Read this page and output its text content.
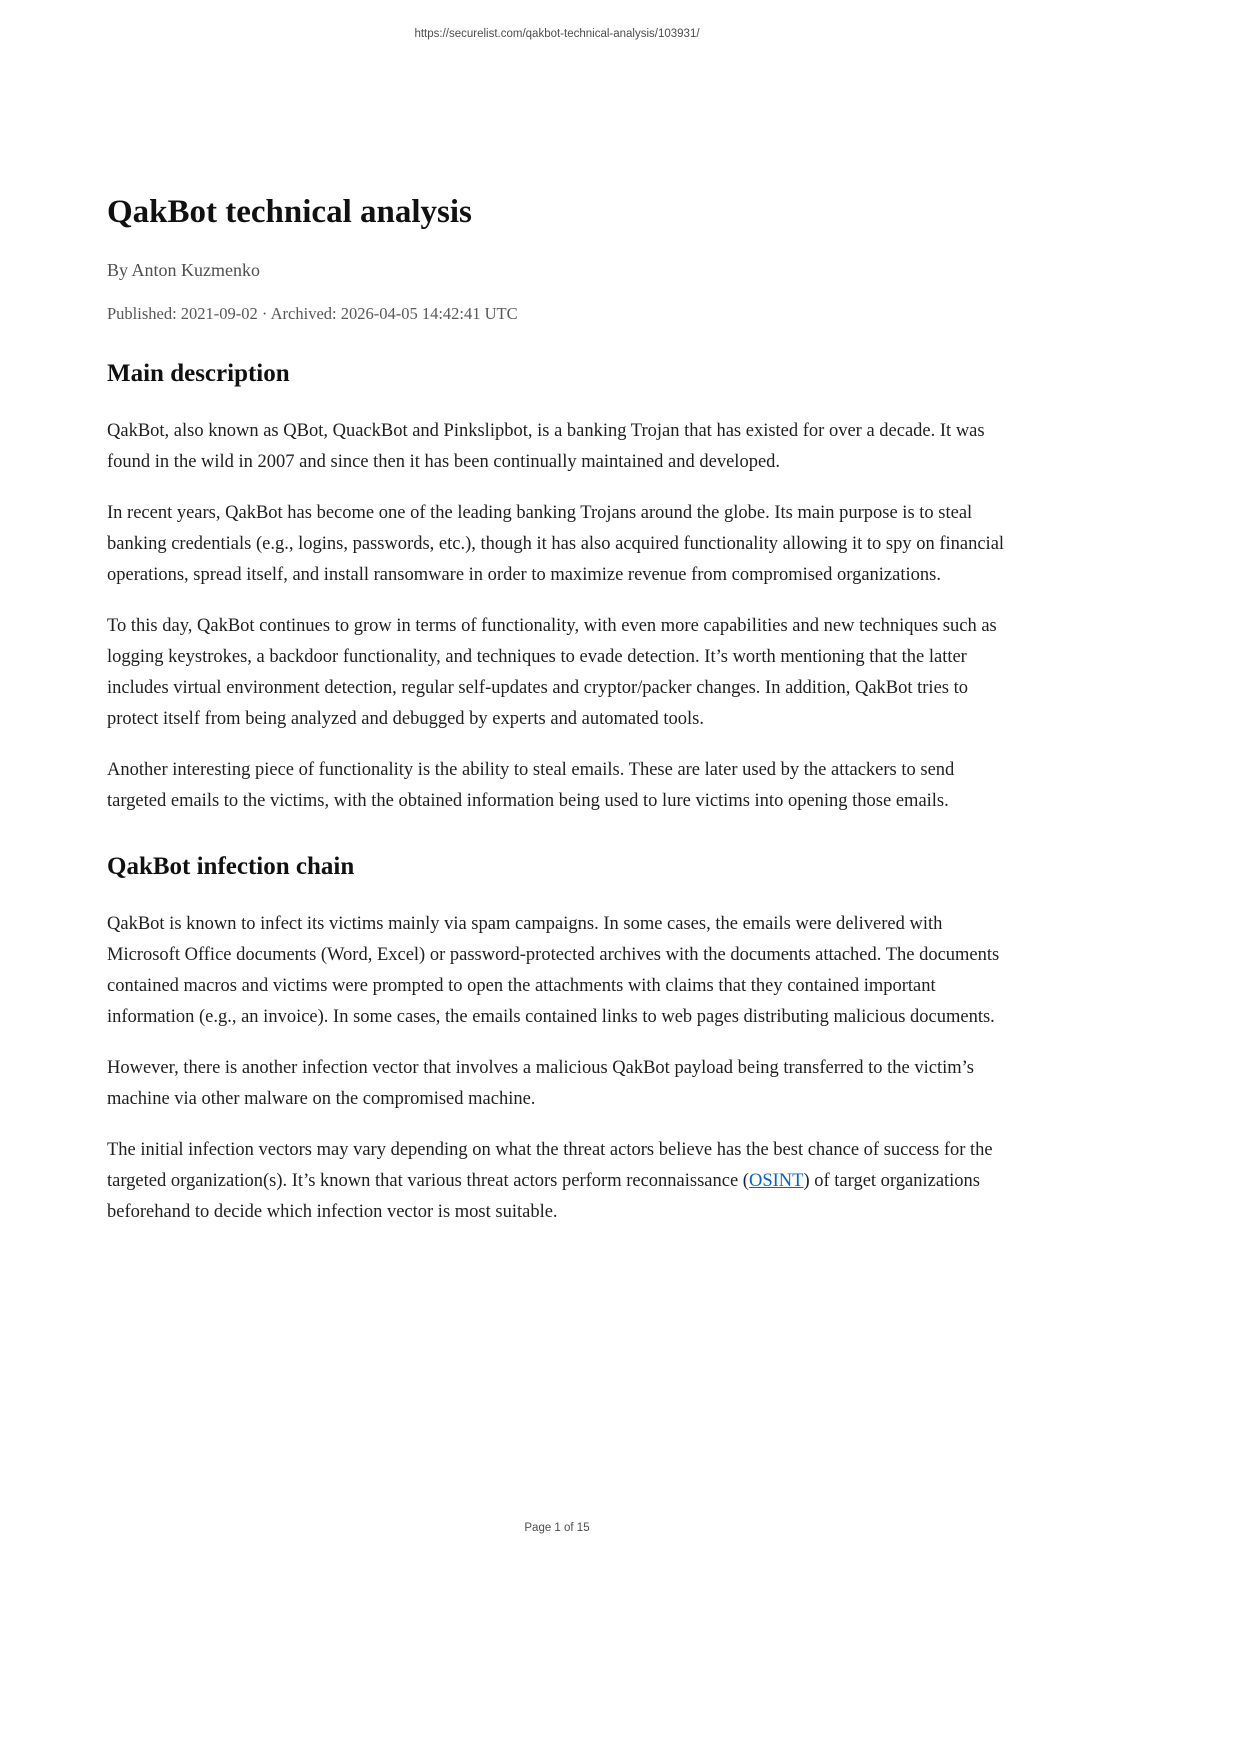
https://securelist.com/qakbot-technical-analysis/103931/
QakBot technical analysis

By Anton Kuzmenko

Published: 2021-09-02 · Archived: 2026-04-05 14:42:41 UTC

Main description

QakBot, also known as QBot, QuackBot and Pinkslipbot, is a banking Trojan that has existed for over a decade. It was found in the wild in 2007 and since then it has been continually maintained and developed.

In recent years, QakBot has become one of the leading banking Trojans around the globe. Its main purpose is to steal banking credentials (e.g., logins, passwords, etc.), though it has also acquired functionality allowing it to spy on financial operations, spread itself, and install ransomware in order to maximize revenue from compromised organizations.

To this day, QakBot continues to grow in terms of functionality, with even more capabilities and new techniques such as logging keystrokes, a backdoor functionality, and techniques to evade detection. It’s worth mentioning that the latter includes virtual environment detection, regular self-updates and cryptor/packer changes. In addition, QakBot tries to protect itself from being analyzed and debugged by experts and automated tools.

Another interesting piece of functionality is the ability to steal emails. These are later used by the attackers to send targeted emails to the victims, with the obtained information being used to lure victims into opening those emails.

QakBot infection chain

QakBot is known to infect its victims mainly via spam campaigns. In some cases, the emails were delivered with Microsoft Office documents (Word, Excel) or password-protected archives with the documents attached. The documents contained macros and victims were prompted to open the attachments with claims that they contained important information (e.g., an invoice). In some cases, the emails contained links to web pages distributing malicious documents.

However, there is another infection vector that involves a malicious QakBot payload being transferred to the victim’s machine via other malware on the compromised machine.

The initial infection vectors may vary depending on what the threat actors believe has the best chance of success for the targeted organization(s). It’s known that various threat actors perform reconnaissance (OSINT) of target organizations beforehand to decide which infection vector is most suitable.

Page 1 of 15
